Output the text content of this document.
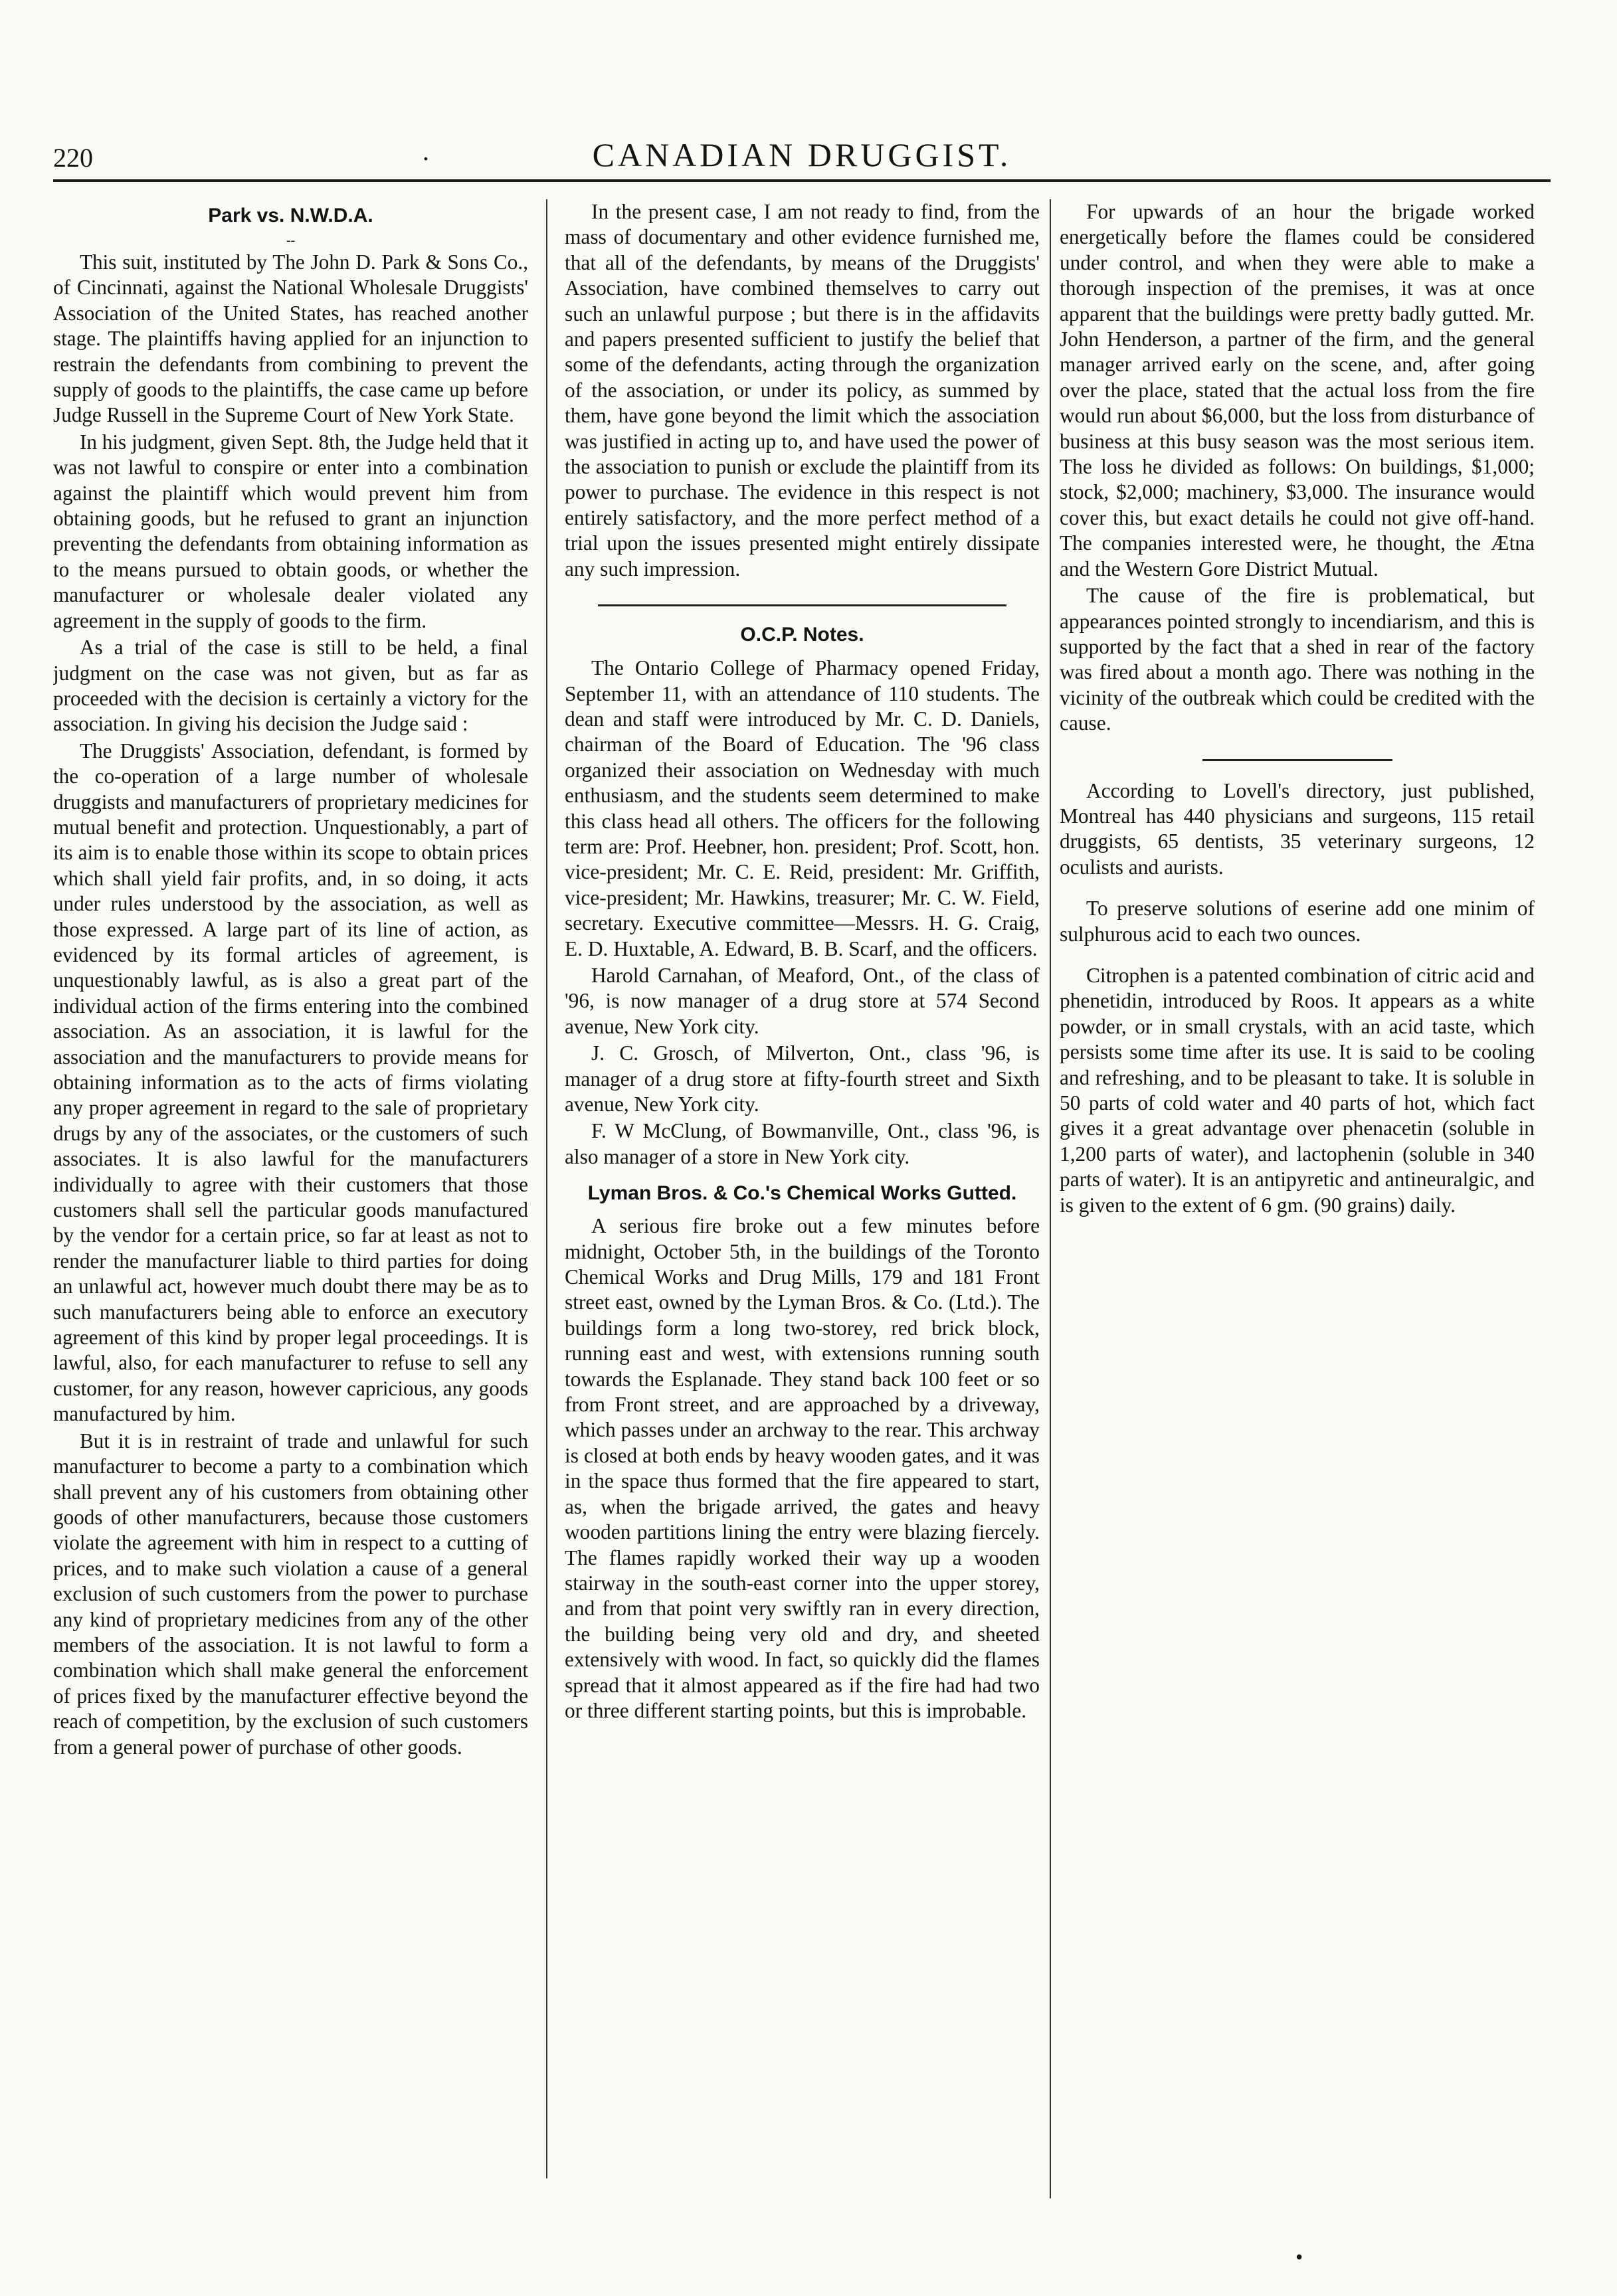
220	.	CANADIAN DRUGGIST.
Park vs. N.W.D.A.
--

This suit, instituted by The John D. Park & Sons Co., of Cincinnati, against the National Wholesale Druggists' Association of the United States, has reached another stage. The plaintiffs having applied for an injunction to restrain the defendants from combining to prevent the supply of goods to the plaintiffs, the case came up before Judge Russell in the Supreme Court of New York State.

In his judgment, given Sept. 8th, the Judge held that it was not lawful to conspire or enter into a combination against the plaintiff which would prevent him from obtaining goods, but he refused to grant an injunction preventing the defendants from obtaining information as to the means pursued to obtain goods, or whether the manufacturer or wholesale dealer violated any agreement in the supply of goods to the firm.

As a trial of the case is still to be held, a final judgment on the case was not given, but as far as proceeded with the decision is certainly a victory for the association. In giving his decision the Judge said :

The Druggists' Association, defendant, is formed by the co-operation of a large number of wholesale druggists and manufacturers of proprietary medicines for mutual benefit and protection. Unquestionably, a part of its aim is to enable those within its scope to obtain prices which shall yield fair profits, and, in so doing, it acts under rules understood by the association, as well as those expressed. A large part of its line of action, as evidenced by its formal articles of agreement, is unquestionably lawful, as is also a great part of the individual action of the firms entering into the combined association. As an association, it is lawful for the association and the manufacturers to provide means for obtaining information as to the acts of firms violating any proper agreement in regard to the sale of proprietary drugs by any of the associates, or the customers of such associates. It is also lawful for the manufacturers individually to agree with their customers that those customers shall sell the particular goods manufactured by the vendor for a certain price, so far at least as not to render the manufacturer liable to third parties for doing an unlawful act, however much doubt there may be as to such manufacturers being able to enforce an executory agreement of this kind by proper legal proceedings. It is lawful, also, for each manufacturer to refuse to sell any customer, for any reason, however capricious, any goods manufactured by him.

But it is in restraint of trade and unlawful for such manufacturer to become a party to a combination which shall prevent any of his customers from obtaining other goods of other manufacturers, because those customers violate the agreement with him in respect to a cutting of prices, and to make such violation a cause of a general exclusion of such customers from the power to purchase any kind of proprietary medicines from any of the other members of the association. It is not lawful to form a combination which shall make general the enforcement of prices fixed by the manufacturer effective beyond the reach of competition, by the exclusion of such customers from a general power of purchase of other goods.

In the present case, I am not ready to find, from the mass of documentary and other evidence furnished me, that all of the defendants, by means of the Druggists' Association, have combined themselves to carry out such an unlawful purpose ; but there is in the affidavits and papers presented sufficient to justify the belief that some of the defendants, acting through the organization of the association, or under its policy, as summed by them, have gone beyond the limit which the association was justified in acting up to, and have used the power of the association to punish or exclude the plaintiff from its power to purchase. The evidence in this respect is not entirely satisfactory, and the more perfect method of a trial upon the issues presented might entirely dissipate any such impression.

O.C.P. Notes.

The Ontario College of Pharmacy opened Friday, September 11, with an attendance of 110 students. The dean and staff were introduced by Mr. C. D. Daniels, chairman of the Board of Education. The '96 class organized their association on Wednesday with much enthusiasm, and the students seem determined to make this class head all others. The officers for the following term are: Prof. Heebner, hon. president; Prof. Scott, hon. vice-president; Mr. C. E. Reid, president: Mr. Griffith, vice-president; Mr. Hawkins, treasurer; Mr. C. W. Field, secretary. Executive committee—Messrs. H. G. Craig, E. D. Huxtable, A. Edward, B. B. Scarf, and the officers.

Harold Carnahan, of Meaford, Ont., of the class of '96, is now manager of a drug store at 574 Second avenue, New York city.

J. C. Grosch, of Milverton, Ont., class '96, is manager of a drug store at fifty-fourth street and Sixth avenue, New York city.

F. W McClung, of Bowmanville, Ont., class '96, is also manager of a store in New York city.

Lyman Bros. & Co.'s Chemical Works Gutted.

A serious fire broke out a few minutes before midnight, October 5th, in the buildings of the Toronto Chemical Works and Drug Mills, 179 and 181 Front street east, owned by the Lyman Bros. & Co. (Ltd.). The buildings form a long two-storey, red brick block, running east and west, with extensions running south towards the Esplanade. They stand back 100 feet or so from Front street, and are approached by a driveway, which passes under an archway to the rear. This archway is closed at both ends by heavy wooden gates, and it was in the space thus formed that the fire appeared to start, as, when the brigade arrived, the gates and heavy wooden partitions lining the entry were blazing fiercely. The flames rapidly worked their way up a wooden stairway in the south-east corner into the upper storey, and from that point very swiftly ran in every direction, the building being very old and dry, and sheeted extensively with wood. In fact, so quickly did the flames spread that it almost appeared as if the fire had had two or three different starting points, but this is improbable.

For upwards of an hour the brigade worked energetically before the flames could be considered under control, and when they were able to make a thorough inspection of the premises, it was at once apparent that the buildings were pretty badly gutted. Mr. John Henderson, a partner of the firm, and the general manager arrived early on the scene, and, after going over the place, stated that the actual loss from the fire would run about $6,000, but the loss from disturbance of business at this busy season was the most serious item. The loss he divided as follows: On buildings, $1,000; stock, $2,000; machinery, $3,000. The insurance would cover this, but exact details he could not give off-hand. The companies interested were, he thought, the Ætna and the Western Gore District Mutual.

The cause of the fire is problematical, but appearances pointed strongly to incendiarism, and this is supported by the fact that a shed in rear of the factory was fired about a month ago. There was nothing in the vicinity of the outbreak which could be credited with the cause.

According to Lovell's directory, just published, Montreal has 440 physicians and surgeons, 115 retail druggists, 65 dentists, 35 veterinary surgeons, 12 oculists and aurists.

To preserve solutions of eserine add one minim of sulphurous acid to each two ounces.

Citrophen is a patented combination of citric acid and phenetidin, introduced by Roos. It appears as a white powder, or in small crystals, with an acid taste, which persists some time after its use. It is said to be cooling and refreshing, and to be pleasant to take. It is soluble in 50 parts of cold water and 40 parts of hot, which fact gives it a great advantage over phenacetin (soluble in 1,200 parts of water), and lactophenin (soluble in 340 parts of water). It is an antipyretic and antineuralgic, and is given to the extent of 6 gm. (90 grains) daily.

•
